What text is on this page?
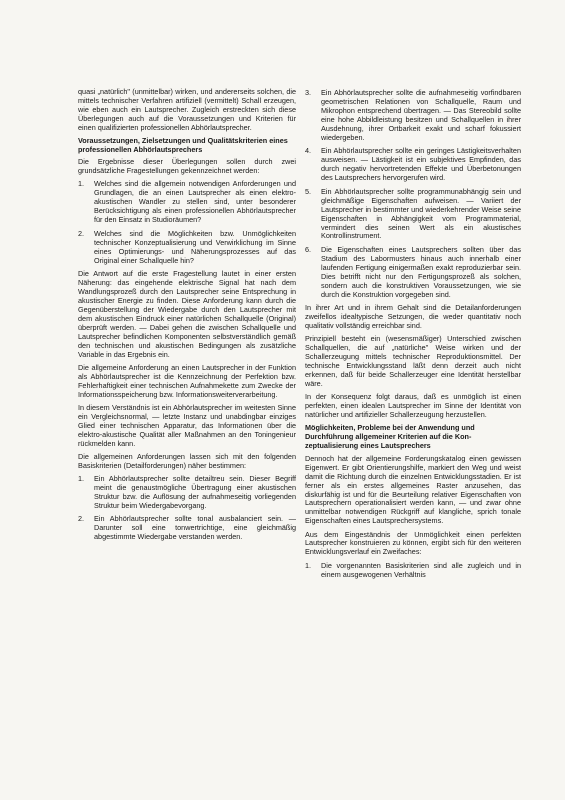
quasi „natürlich" (unmittelbar) wirken, und andererseits solchen, die mittels technischer Verfahren artifiziell (vermittelt) Schall erzeugen, wie eben auch ein Lautsprecher. Zugleich erstreckten sich diese Überlegungen auch auf die Voraussetzungen und Kriterien für einen qualifizierten professionellen Abhörlautsprecher.

Voraussetzungen, Zielsetzungen und Qualitätskriterien eines professionellen Abhörlautsprechers

Die Ergebnisse dieser Überlegungen sollen durch zwei grundsätzliche Fragestellungen gekennzeichnet werden:

1. Welches sind die allgemein notwendigen Anforderungen und Grundlagen, die an einen Lautsprecher als einen elektro-akustischen Wandler zu stellen sind, unter besonderer Berücksichtigung als einen professionellen Abhörlautsprecher für den Einsatz in Studioräumen?
2. Welches sind die Möglichkeiten bzw. Unmöglichkeiten technischer Konzeptualisierung und Verwirklichung im Sinne eines Optimierungs- und Näherungsprozesses auf das Original einer Schallquelle hin?

Die Antwort auf die erste Fragestellung lautet in einer ersten Näherung: das eingehende elektrische Signal hat nach dem Wandlungsprozeß durch den Lautsprecher seine Entsprechung in akustischer Energie zu finden. Diese Anforderung kann durch die Gegenüberstellung der Wiedergabe durch den Lautsprecher mit dem akustischen Eindruck einer natürlichen Schallquelle (Original) überprüft werden. — Dabei gehen die zwischen Schallquelle und Lautsprecher befindlichen Komponenten selbstverständlich gemäß den technischen und akustischen Bedingungen als zusätzliche Variable in das Ergebnis ein.

Die allgemeine Anforderung an einen Lautsprecher in der Funktion als Abhörlautsprecher ist die Kennzeichnung der Perfektion bzw. Fehlerhaftigkeit einer technischen Aufnahmekette zum Zwecke der Informationsspeicherung bzw. Informationsweiterverarbeitung.

In diesem Verständnis ist ein Abhörlautsprecher im weitesten Sinne ein Vergleichsnormal, — letzte Instanz und unabdingbar einziges Glied einer technischen Apparatur, das Informationen über die elektro-akustische Qualität aller Maßnahmen an den Toningenieur rückmelden kann.

Die allgemeinen Anforderungen lassen sich mit den folgenden Basiskriterien (Detailforderungen) näher bestimmen:

1. Ein Abhörlautsprecher sollte detailtreu sein. Dieser Begriff meint die genaustmögliche Übertragung einer akustischen Struktur bzw. die Auflösung der aufnahmeseitig vorliegenden Struktur beim Wiedergabevorgang.
2. Ein Abhörlautsprecher sollte tonal ausbalanciert sein. — Darunter soll eine tonwertrichtige, eine gleichmäßig abgestimmte Wiedergabe verstanden werden.
3. Ein Abhörlautsprecher sollte die aufnahmeseitig vorfindbaren geometrischen Relationen von Schallquelle, Raum und Mikrophon entsprechend übertragen. — Das Stereobild sollte eine hohe Abbildleistung besitzen und Schallquellen in ihrer Ausdehnung, ihrer Ortbarkeit exakt und scharf fokussiert wiedergeben.
4. Ein Abhörlautsprecher sollte ein geringes Lästigkeitsverhalten ausweisen. — Lästigkeit ist ein subjektives Empfinden, das durch negativ hervortretenden Effekte und Überbetonungen des Lautsprechers hervorgerufen wird.
5. Ein Abhörlautsprecher sollte programmunabhängig sein und gleichmäßige Eigenschaften aufweisen. — Variiert der Lautsprecher in bestimmter und wiederkehrender Weise seine Eigenschaften in Abhängigkeit vom Programmaterial, vermindert dies seinen Wert als ein akustisches Kontrollinstrument.
6. Die Eigenschaften eines Lautsprechers sollten über das Stadium des Labormusters hinaus auch innerhalb einer laufenden Fertigung einigermaßen exakt reproduzierbar sein. Dies betrifft nicht nur den Fertigungsprozeß als solchen, sondern auch die konstruktiven Voraussetzungen, wie sie durch die Konstruktion vorgegeben sind.

In ihrer Art und in ihrem Gehalt sind die Detailanforderungen zweifellos idealtypische Setzungen, die weder quantitativ noch qualitativ vollständig erreichbar sind.

Prinzipiell besteht ein (wesensmäßiger) Unterschied zwischen Schallquellen, die auf „natürliche" Weise wirken und der Schallerzeugung mittels technischer Reproduktionsmittel. Der technische Entwicklungsstand läßt denn derzeit auch nicht erkennen, daß für beide Schallerzeuger eine Identität herstellbar wäre.

In der Konsequenz folgt daraus, daß es unmöglich ist einen perfekten, einen idealen Lautsprecher im Sinne der Identität von natürlicher und artifizieller Schallerzeugung herzustellen.

Möglichkeiten, Probleme bei der Anwendung und Durchführung allgemeiner Kriterien auf die Konzeptualisierung eines Lautsprechers

Dennoch hat der allgemeine Forderungskatalog einen gewissen Eigenwert. Er gibt Orientierungshilfe, markiert den Weg und weist damit die Richtung durch die einzelnen Entwicklungsstadien. Er ist ferner als ein erstes allgemeines Raster anzusehen, das diskurfähig ist und für die Beurteilung relativer Eigenschaften von Lautsprechern operationalisiert werden kann, — und zwar ohne unmittelbar notwendigen Rückgriff auf klangliche, sprich tonale Eigenschaften eines Lautsprechersystems.

Aus dem Eingeständnis der Unmöglichkeit einen perfekten Lautsprecher konstruieren zu können, ergibt sich für den weiteren Entwicklungsverlauf ein Zweifaches:

1. Die vorgenannten Basiskriterien sind alle zugleich und in einem ausgewogenen Verhältnis
